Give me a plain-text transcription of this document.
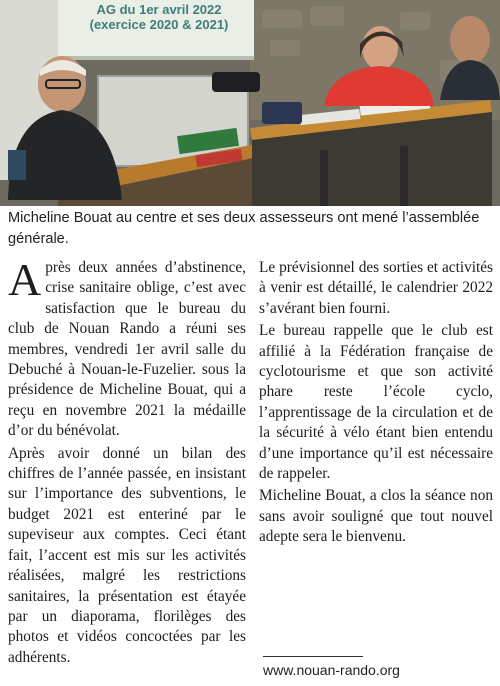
AG du 1er avril 2022
(exercice 2020 & 2021)
Micheline Bouat au centre et ses deux assesseurs ont mené l’assemblée générale.

Après deux années d’abstinence, crise sanitaire oblige, c’est avec satisfaction que le bureau du club de Nouan Rando a réuni ses membres, vendredi 1er avril salle du Debuché à Nouan-le-Fuzelier. sous la présidence de Micheline Bouat, qui a reçu en novembre 2021 la médaille d’or du bénévolat.

Après avoir donné un bilan des chiffres de l’année passée, en insistant sur l’importance des subventions, le budget 2021 est enteriné par le supeviseur aux comptes. Ceci étant fait, l’accent est mis sur les activités réalisées, malgré les restrictions sanitaires, la présentation est étayée par un diaporama, florilèges des photos et vidéos concoctées par les adhérents.

Le prévisionnel des sorties et activités à venir est détaillé, le calendrier 2022 s’avérant bien fourni.

Le bureau rappelle que le club est affilié à la Fédération française de cyclotourisme et que son activité phare reste l’école cyclo, l’apprentissage de la circulation et de la sécurité à vélo étant bien entendu d’une importance qu’il est nécessaire de rappeler.

Micheline Bouat, a clos la séance non sans avoir souligné que tout nouvel adepte sera le bienvenu.

www.nouan-rando.org
